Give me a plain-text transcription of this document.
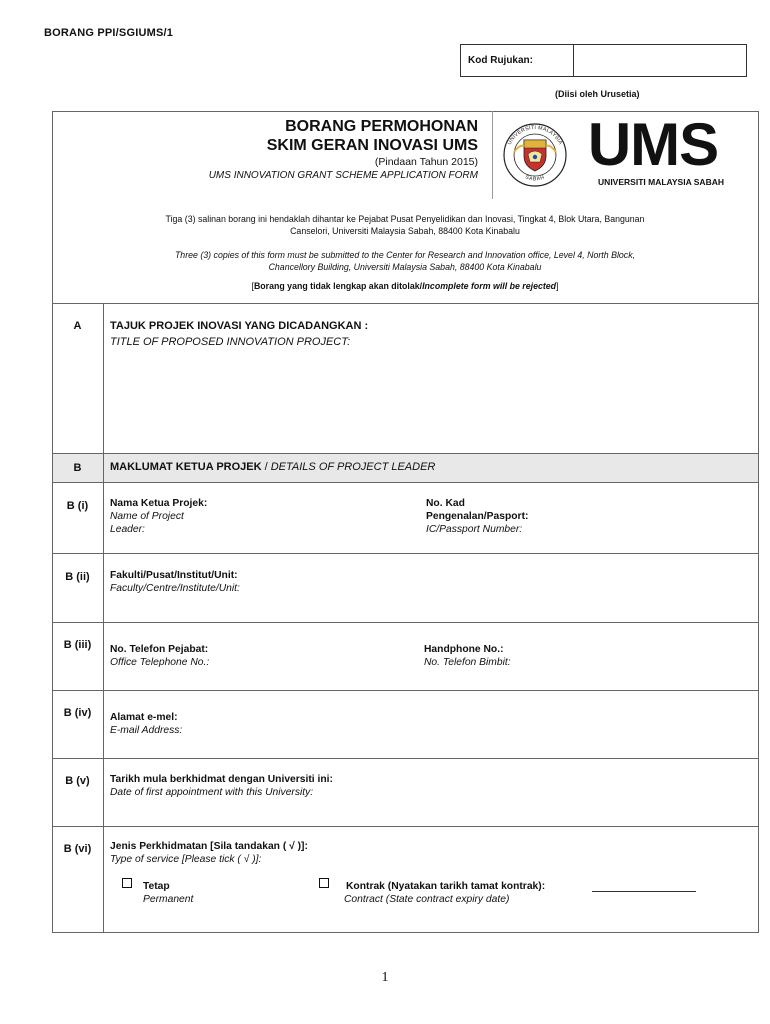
BORANG PPI/SGIUMS/1
Kod Rujukan:
(Diisi oleh Urusetia)
BORANG PERMOHONAN
SKIM GERAN INOVASI UMS
(Pindaan Tahun 2015)
UMS INNOVATION GRANT SCHEME APPLICATION FORM
UNIVERSITI MALAYSIA
SABAH
UMS
UNIVERSITI MALAYSIA SABAH
Tiga (3) salinan borang ini hendaklah dihantar ke Pejabat Pusat Penyelidikan dan Inovasi, Tingkat 4, Blok Utara, Bangunan
Canselori, Universiti Malaysia Sabah, 88400 Kota Kinabalu
Three (3) copies of this form must be submitted to the Center for Research and Innovation office, Level 4, North Block,
Chancellory Building, Universiti Malaysia Sabah, 88400 Kota Kinabalu
[Borang yang tidak lengkap akan ditolak/Incomplete form will be rejected]
A	TAJUK PROJEK INOVASI YANG DICADANGKAN :
TITLE OF PROPOSED INNOVATION PROJECT:
B	MAKLUMAT KETUA PROJEK / DETAILS OF PROJECT LEADER
B (i)	Nama Ketua Projek:
Name of Project
Leader:
No. Kad
Pengenalan/Pasport:
IC/Passport Number:
B (ii)	Fakulti/Pusat/Institut/Unit:
Faculty/Centre/Institute/Unit:
B (iii)	No. Telefon Pejabat:
Office Telephone No.:
Handphone No.:
No. Telefon Bimbit:
B (iv)	Alamat e-mel:
E-mail Address:
B (v)	Tarikh mula berkhidmat dengan Universiti ini:
Date of first appointment with this University:
B (vi)	Jenis Perkhidmatan [Sila tandakan ( √ )]:
Type of service [Please tick ( √ )]:
Tetap
Permanent
Kontrak (Nyatakan tarikh tamat kontrak):
Contract (State contract expiry date)
1
